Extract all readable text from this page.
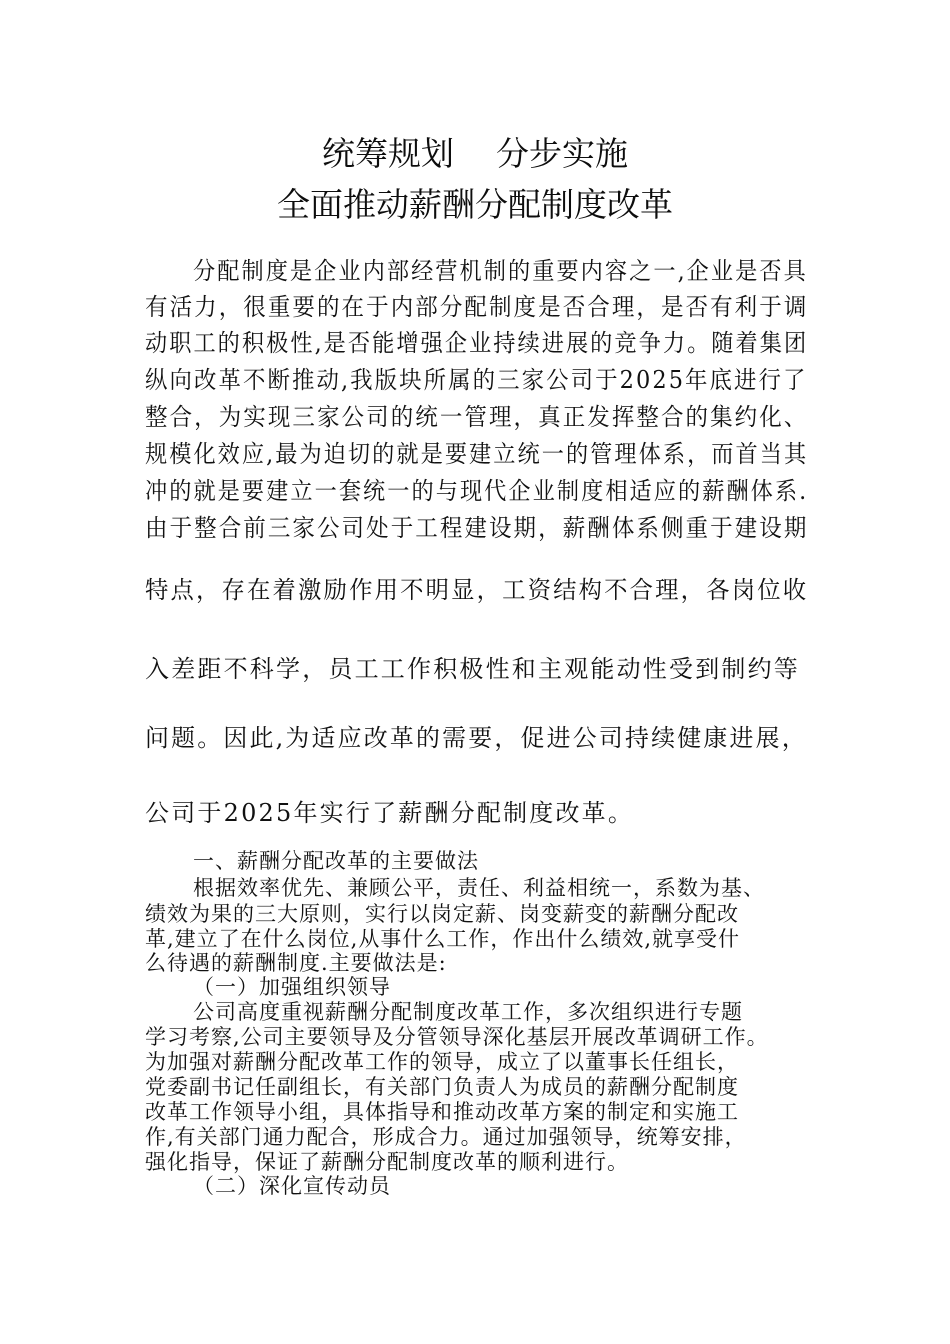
统筹规划    分步实施
全面推动薪酬分配制度改革
分配制度是企业内部经营机制的重要内容之一,企业是否具
有活力，很重要的在于内部分配制度是否合理，是否有利于调
动职工的积极性,是否能增强企业持续进展的竞争力。随着集团
纵向改革不断推动,我版块所属的三家公司于2025年底进行了
整合，为实现三家公司的统一管理，真正发挥整合的集约化、
规模化效应,最为迫切的就是要建立统一的管理体系，而首当其
冲的就是要建立一套统一的与现代企业制度相适应的薪酬体系.
由于整合前三家公司处于工程建设期，薪酬体系侧重于建设期
特点，存在着激励作用不明显，工资结构不合理，各岗位收
入差距不科学，员工工作积极性和主观能动性受到制约等
问题。因此,为适应改革的需要，促进公司持续健康进展，
公司于2025年实行了薪酬分配制度改革。
一、薪酬分配改革的主要做法
根据效率优先、兼顾公平，责任、利益相统一，系数为基、
绩效为果的三大原则，实行以岗定薪、岗变薪变的薪酬分配改
革,建立了在什么岗位,从事什么工作，作出什么绩效,就享受什
么待遇的薪酬制度.主要做法是:
（一）加强组织领导
公司高度重视薪酬分配制度改革工作，多次组织进行专题
学习考察,公司主要领导及分管领导深化基层开展改革调研工作。
为加强对薪酬分配改革工作的领导，成立了以董事长任组长，
党委副书记任副组长，有关部门负责人为成员的薪酬分配制度
改革工作领导小组，具体指导和推动改革方案的制定和实施工
作,有关部门通力配合，形成合力。通过加强领导，统筹安排，
强化指导，保证了薪酬分配制度改革的顺利进行。
（二）深化宣传动员
